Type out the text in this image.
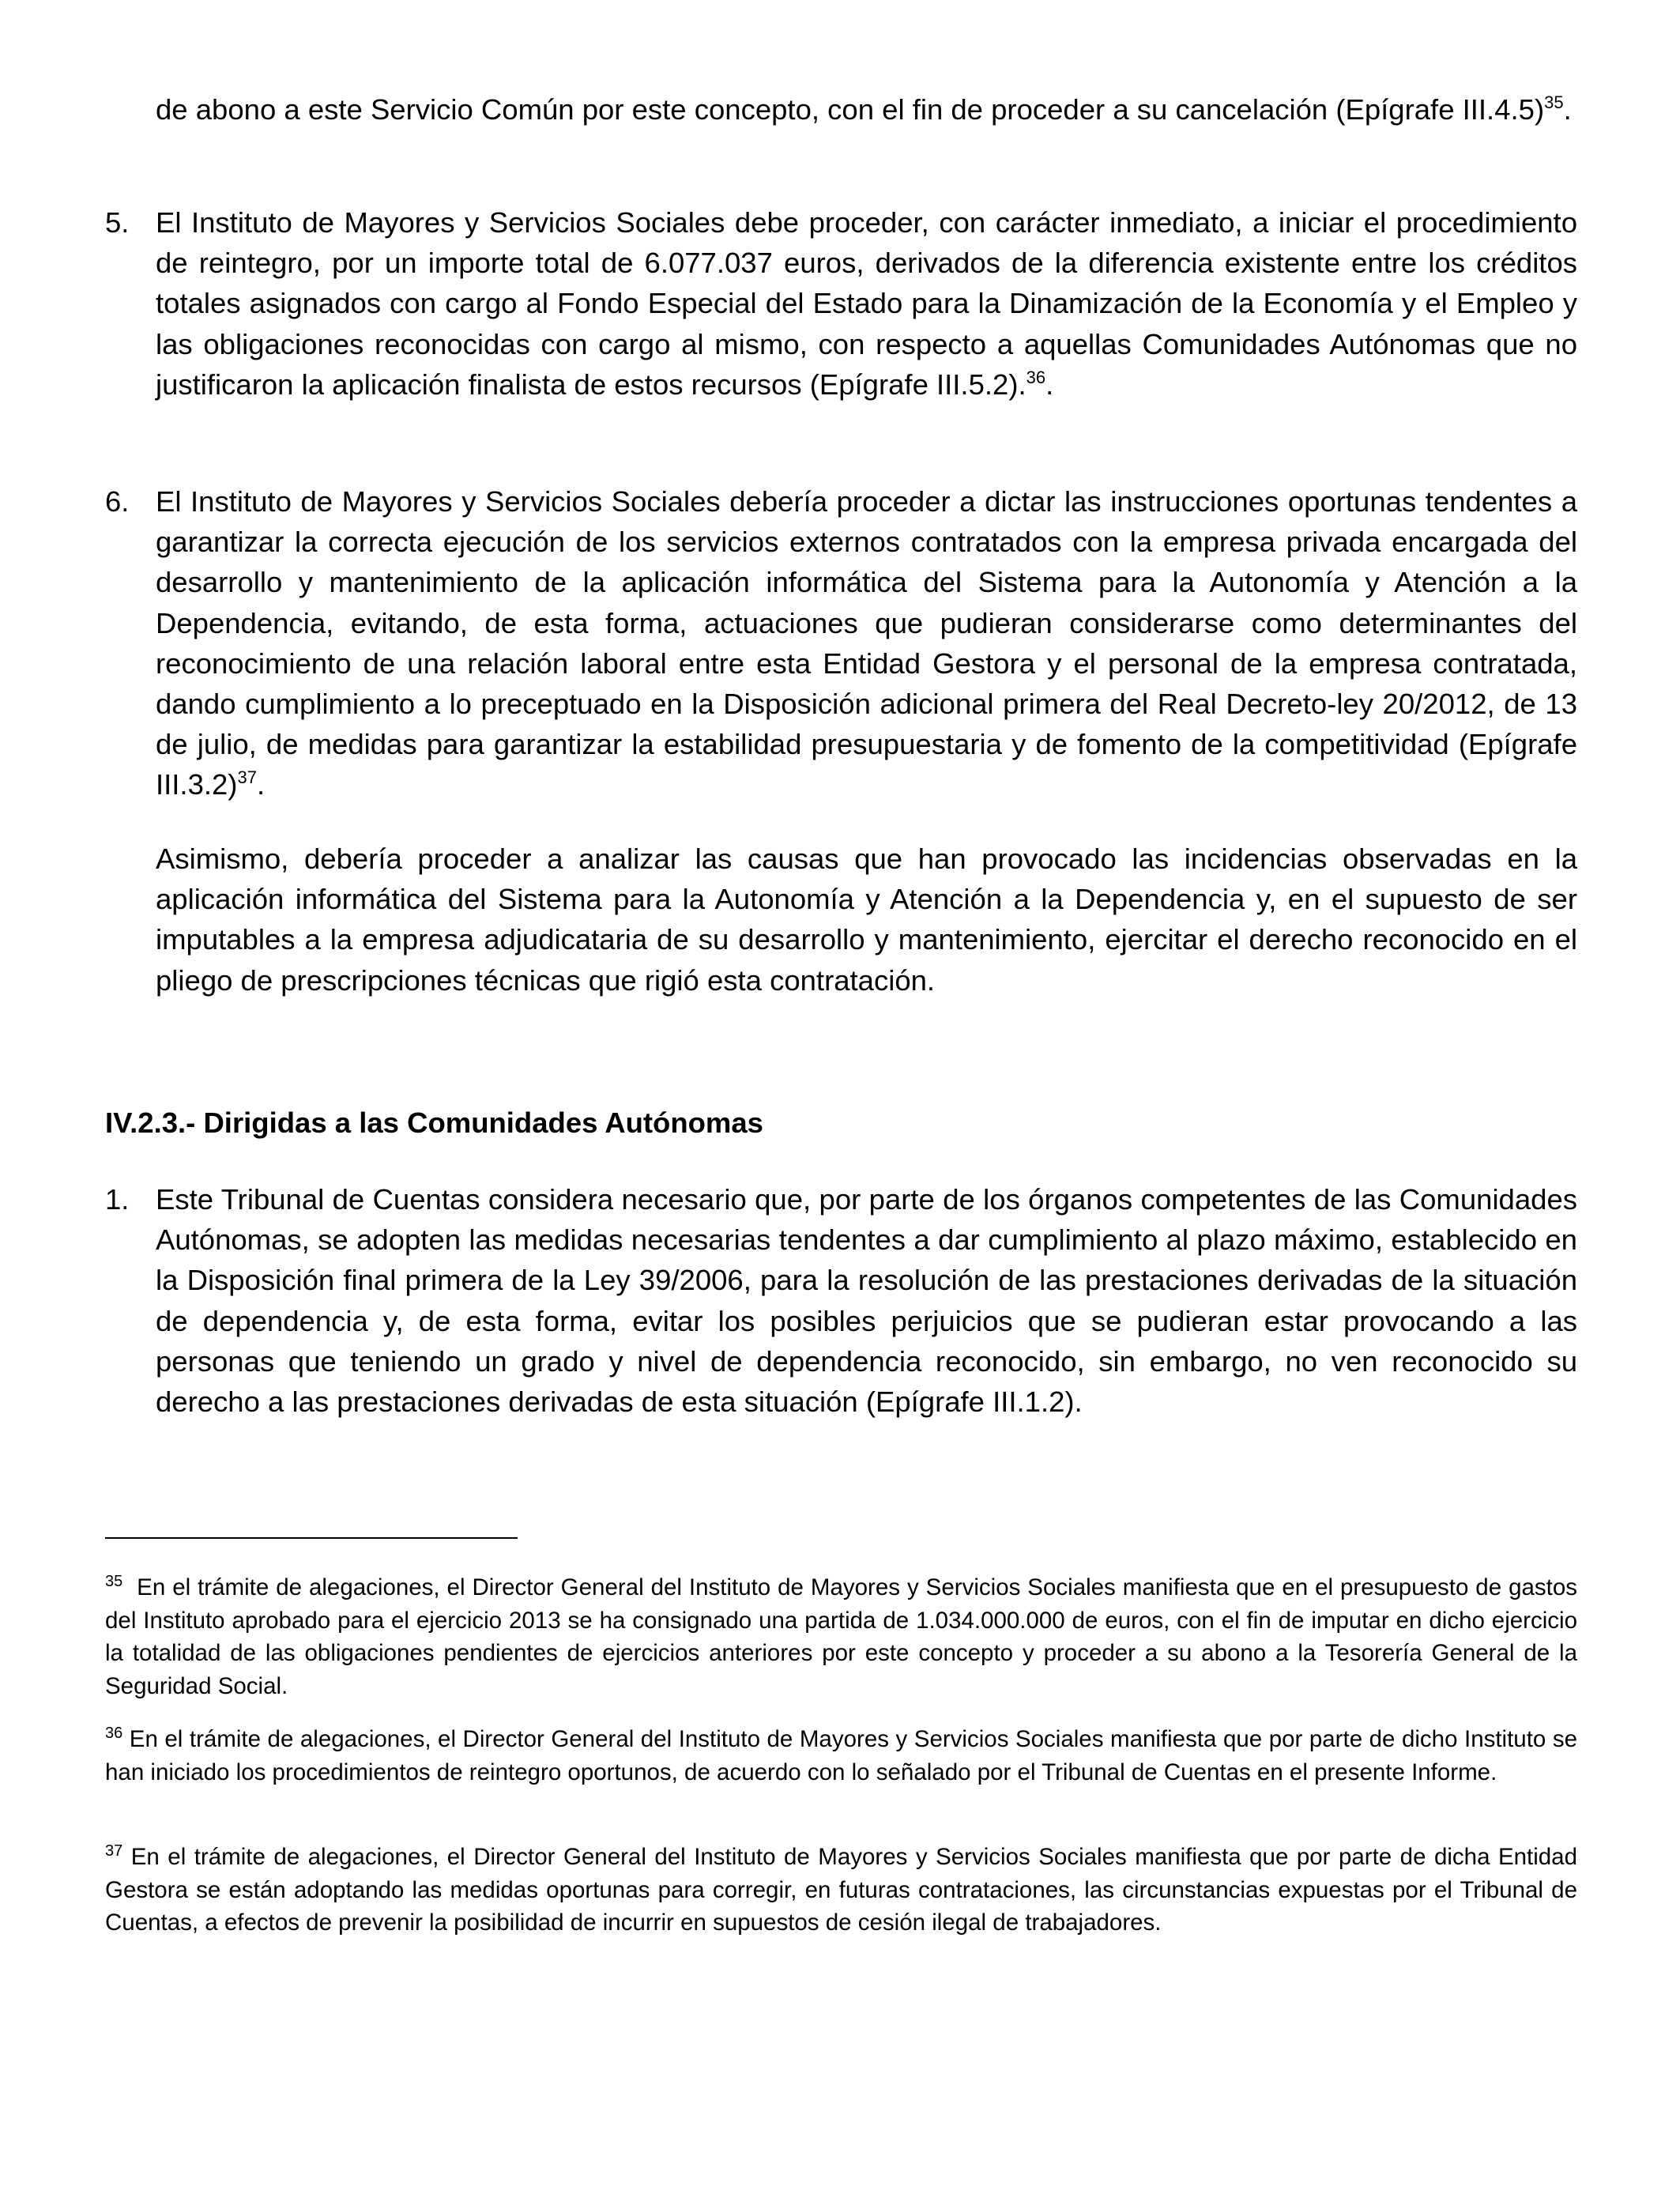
de abono a este Servicio Común por este concepto, con el fin de proceder a su cancelación (Epígrafe III.4.5)$^{35}$.
5. El Instituto de Mayores y Servicios Sociales debe proceder, con carácter inmediato, a iniciar el procedimiento de reintegro, por un importe total de 6.077.037 euros, derivados de la diferencia existente entre los créditos totales asignados con cargo al Fondo Especial del Estado para la Dinamización de la Economía y el Empleo y las obligaciones reconocidas con cargo al mismo, con respecto a aquellas Comunidades Autónomas que no justificaron la aplicación finalista de estos recursos (Epígrafe III.5.2).$^{36}$.
6. El Instituto de Mayores y Servicios Sociales debería proceder a dictar las instrucciones oportunas tendentes a garantizar la correcta ejecución de los servicios externos contratados con la empresa privada encargada del desarrollo y mantenimiento de la aplicación informática del Sistema para la Autonomía y Atención a la Dependencia, evitando, de esta forma, actuaciones que pudieran considerarse como determinantes del reconocimiento de una relación laboral entre esta Entidad Gestora y el personal de la empresa contratada, dando cumplimiento a lo preceptuado en la Disposición adicional primera del Real Decreto-ley 20/2012, de 13 de julio, de medidas para garantizar la estabilidad presupuestaria y de fomento de la competitividad (Epígrafe III.3.2)$^{37}$.
Asimismo, debería proceder a analizar las causas que han provocado las incidencias observadas en la aplicación informática del Sistema para la Autonomía y Atención a la Dependencia y, en el supuesto de ser imputables a la empresa adjudicataria de su desarrollo y mantenimiento, ejercitar el derecho reconocido en el pliego de prescripciones técnicas que rigió esta contratación.
IV.2.3.- Dirigidas a las Comunidades Autónomas
1. Este Tribunal de Cuentas considera necesario que, por parte de los órganos competentes de las Comunidades Autónomas, se adopten las medidas necesarias tendentes a dar cumplimiento al plazo máximo, establecido en la Disposición final primera de la Ley 39/2006, para la resolución de las prestaciones derivadas de la situación de dependencia y, de esta forma, evitar los posibles perjuicios que se pudieran estar provocando a las personas que teniendo un grado y nivel de dependencia reconocido, sin embargo, no ven reconocido su derecho a las prestaciones derivadas de esta situación (Epígrafe III.1.2).
$^{35}$ En el trámite de alegaciones, el Director General del Instituto de Mayores y Servicios Sociales manifiesta que en el presupuesto de gastos del Instituto aprobado para el ejercicio 2013 se ha consignado una partida de 1.034.000.000 de euros, con el fin de imputar en dicho ejercicio la totalidad de las obligaciones pendientes de ejercicios anteriores por este concepto y proceder a su abono a la Tesorería General de la Seguridad Social.
$^{36}$ En el trámite de alegaciones, el Director General del Instituto de Mayores y Servicios Sociales manifiesta que por parte de dicho Instituto se han iniciado los procedimientos de reintegro oportunos, de acuerdo con lo señalado por el Tribunal de Cuentas en el presente Informe.
$^{37}$ En el trámite de alegaciones, el Director General del Instituto de Mayores y Servicios Sociales manifiesta que por parte de dicha Entidad Gestora se están adoptando las medidas oportunas para corregir, en futuras contrataciones, las circunstancias expuestas por el Tribunal de Cuentas, a efectos de prevenir la posibilidad de incurrir en supuestos de cesión ilegal de trabajadores.
